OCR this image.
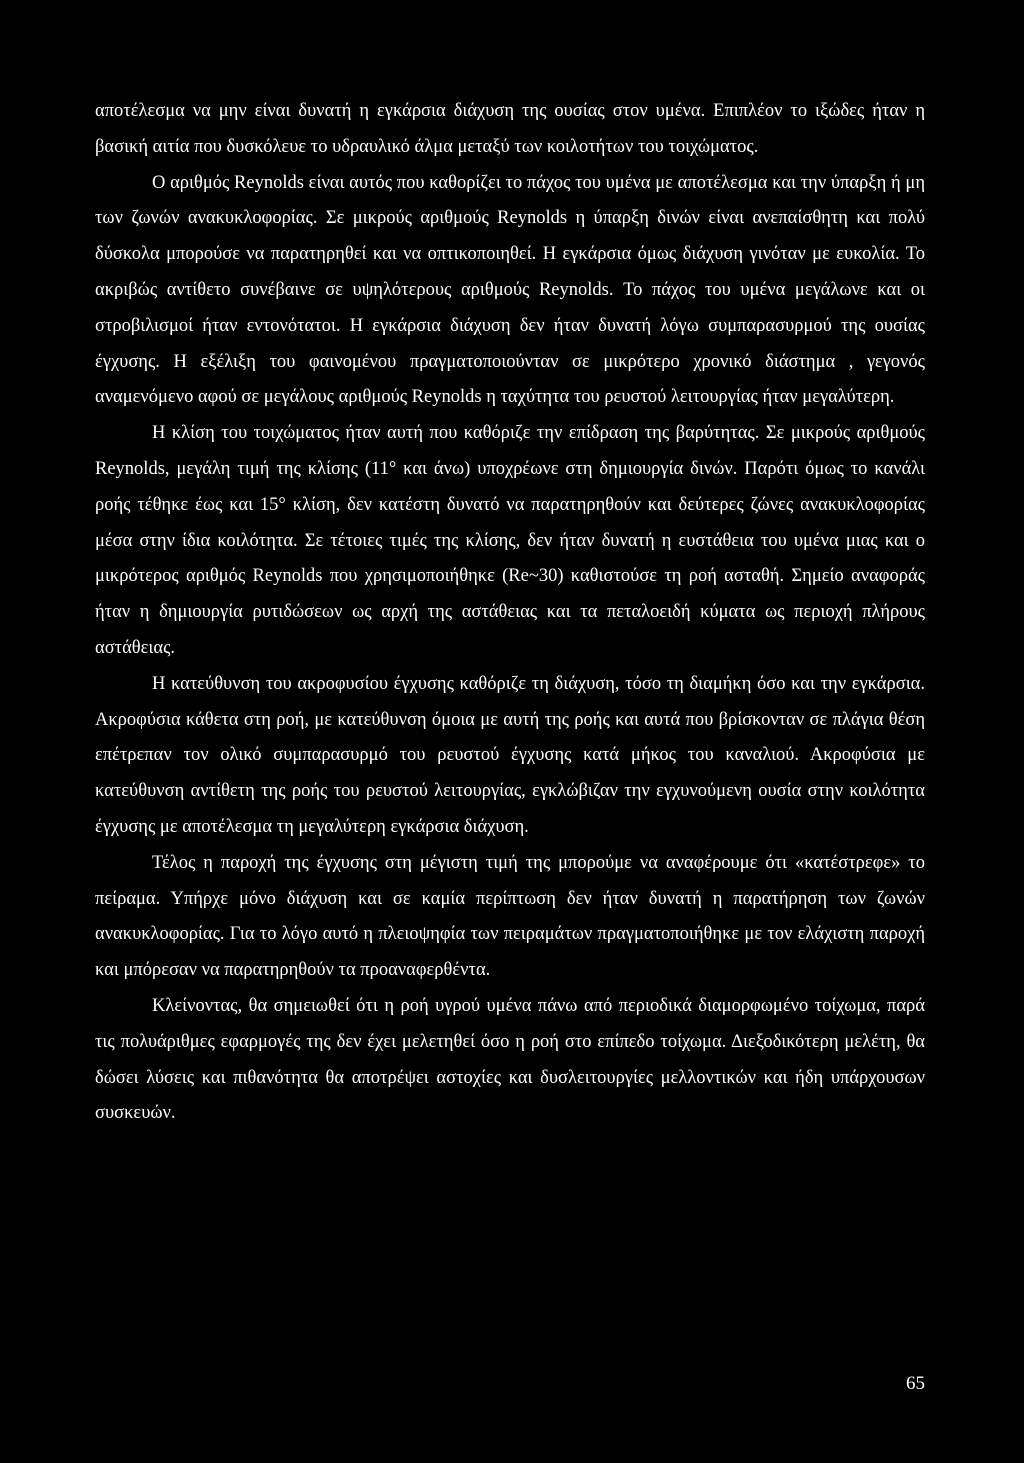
αποτέλεσμα να μην είναι δυνατή η εγκάρσια διάχυση της ουσίας στον υμένα. Επιπλέον το ιξώδες ήταν η βασική αιτία που δυσκόλευε το υδραυλικό άλμα μεταξύ των κοιλοτήτων του τοιχώματος.

Ο αριθμός Reynolds είναι αυτός που καθορίζει το πάχος του υμένα με αποτέλεσμα και την ύπαρξη ή μη των ζωνών ανακυκλοφορίας. Σε μικρούς αριθμούς Reynolds η ύπαρξη δινών είναι ανεπαίσθητη και πολύ δύσκολα μπορούσε να παρατηρηθεί και να οπτικοποιηθεί. Η εγκάρσια όμως διάχυση γινόταν με ευκολία. Το ακριβώς αντίθετο συνέβαινε σε υψηλότερους αριθμούς Reynolds. Το πάχος του υμένα μεγάλωνε και οι στροβιλισμοί ήταν εντονότατοι. Η εγκάρσια διάχυση δεν ήταν δυνατή λόγω συμπαρασυρμού της ουσίας έγχυσης. Η εξέλιξη του φαινομένου πραγματοποιούνταν σε μικρότερο χρονικό διάστημα , γεγονός αναμενόμενο αφού σε μεγάλους αριθμούς Reynolds η ταχύτητα του ρευστού λειτουργίας ήταν μεγαλύτερη.

Η κλίση του τοιχώματος ήταν αυτή που καθόριζε την επίδραση της βαρύτητας. Σε μικρούς αριθμούς Reynolds, μεγάλη τιμή της κλίσης (11° και άνω) υποχρέωνε στη δημιουργία δινών. Παρότι όμως το κανάλι ροής τέθηκε έως και 15° κλίση, δεν κατέστη δυνατό να παρατηρηθούν και δεύτερες ζώνες ανακυκλοφορίας μέσα στην ίδια κοιλότητα. Σε τέτοιες τιμές της κλίσης, δεν ήταν δυνατή η ευστάθεια του υμένα μιας και ο μικρότερος αριθμός Reynolds που χρησιμοποιήθηκε (Re~30) καθιστούσε τη ροή ασταθή. Σημείο αναφοράς ήταν η δημιουργία ρυτιδώσεων ως αρχή της αστάθειας και τα πεταλοειδή κύματα ως περιοχή πλήρους αστάθειας.

Η κατεύθυνση του ακροφυσίου έγχυσης καθόριζε τη διάχυση, τόσο τη διαμήκη όσο και την εγκάρσια. Ακροφύσια κάθετα στη ροή, με κατεύθυνση όμοια με αυτή της ροής και αυτά που βρίσκονταν σε πλάγια θέση επέτρεπαν τον ολικό συμπαρασυρμό του ρευστού έγχυσης κατά μήκος του καναλιού. Ακροφύσια με κατεύθυνση αντίθετη της ροής του ρευστού λειτουργίας, εγκλώβιζαν την εγχυνούμενη ουσία στην κοιλότητα έγχυσης με αποτέλεσμα τη μεγαλύτερη εγκάρσια διάχυση.

Τέλος η παροχή της έγχυσης στη μέγιστη τιμή της μπορούμε να αναφέρουμε ότι «κατέστρεφε» το πείραμα. Υπήρχε μόνο διάχυση και σε καμία περίπτωση δεν ήταν δυνατή η παρατήρηση των ζωνών ανακυκλοφορίας. Για το λόγο αυτό η πλειοψηφία των πειραμάτων πραγματοποιήθηκε με τον ελάχιστη παροχή και μπόρεσαν να παρατηρηθούν τα προαναφερθέντα.

Κλείνοντας, θα σημειωθεί ότι η ροή υγρού υμένα πάνω από περιοδικά διαμορφωμένο τοίχωμα, παρά τις πολυάριθμες εφαρμογές της δεν έχει μελετηθεί όσο η ροή στο επίπεδο τοίχωμα. Διεξοδικότερη μελέτη, θα δώσει λύσεις και πιθανότητα θα αποτρέψει αστοχίες και δυσλειτουργίες μελλοντικών και ήδη υπάρχουσων συσκευών.

65
